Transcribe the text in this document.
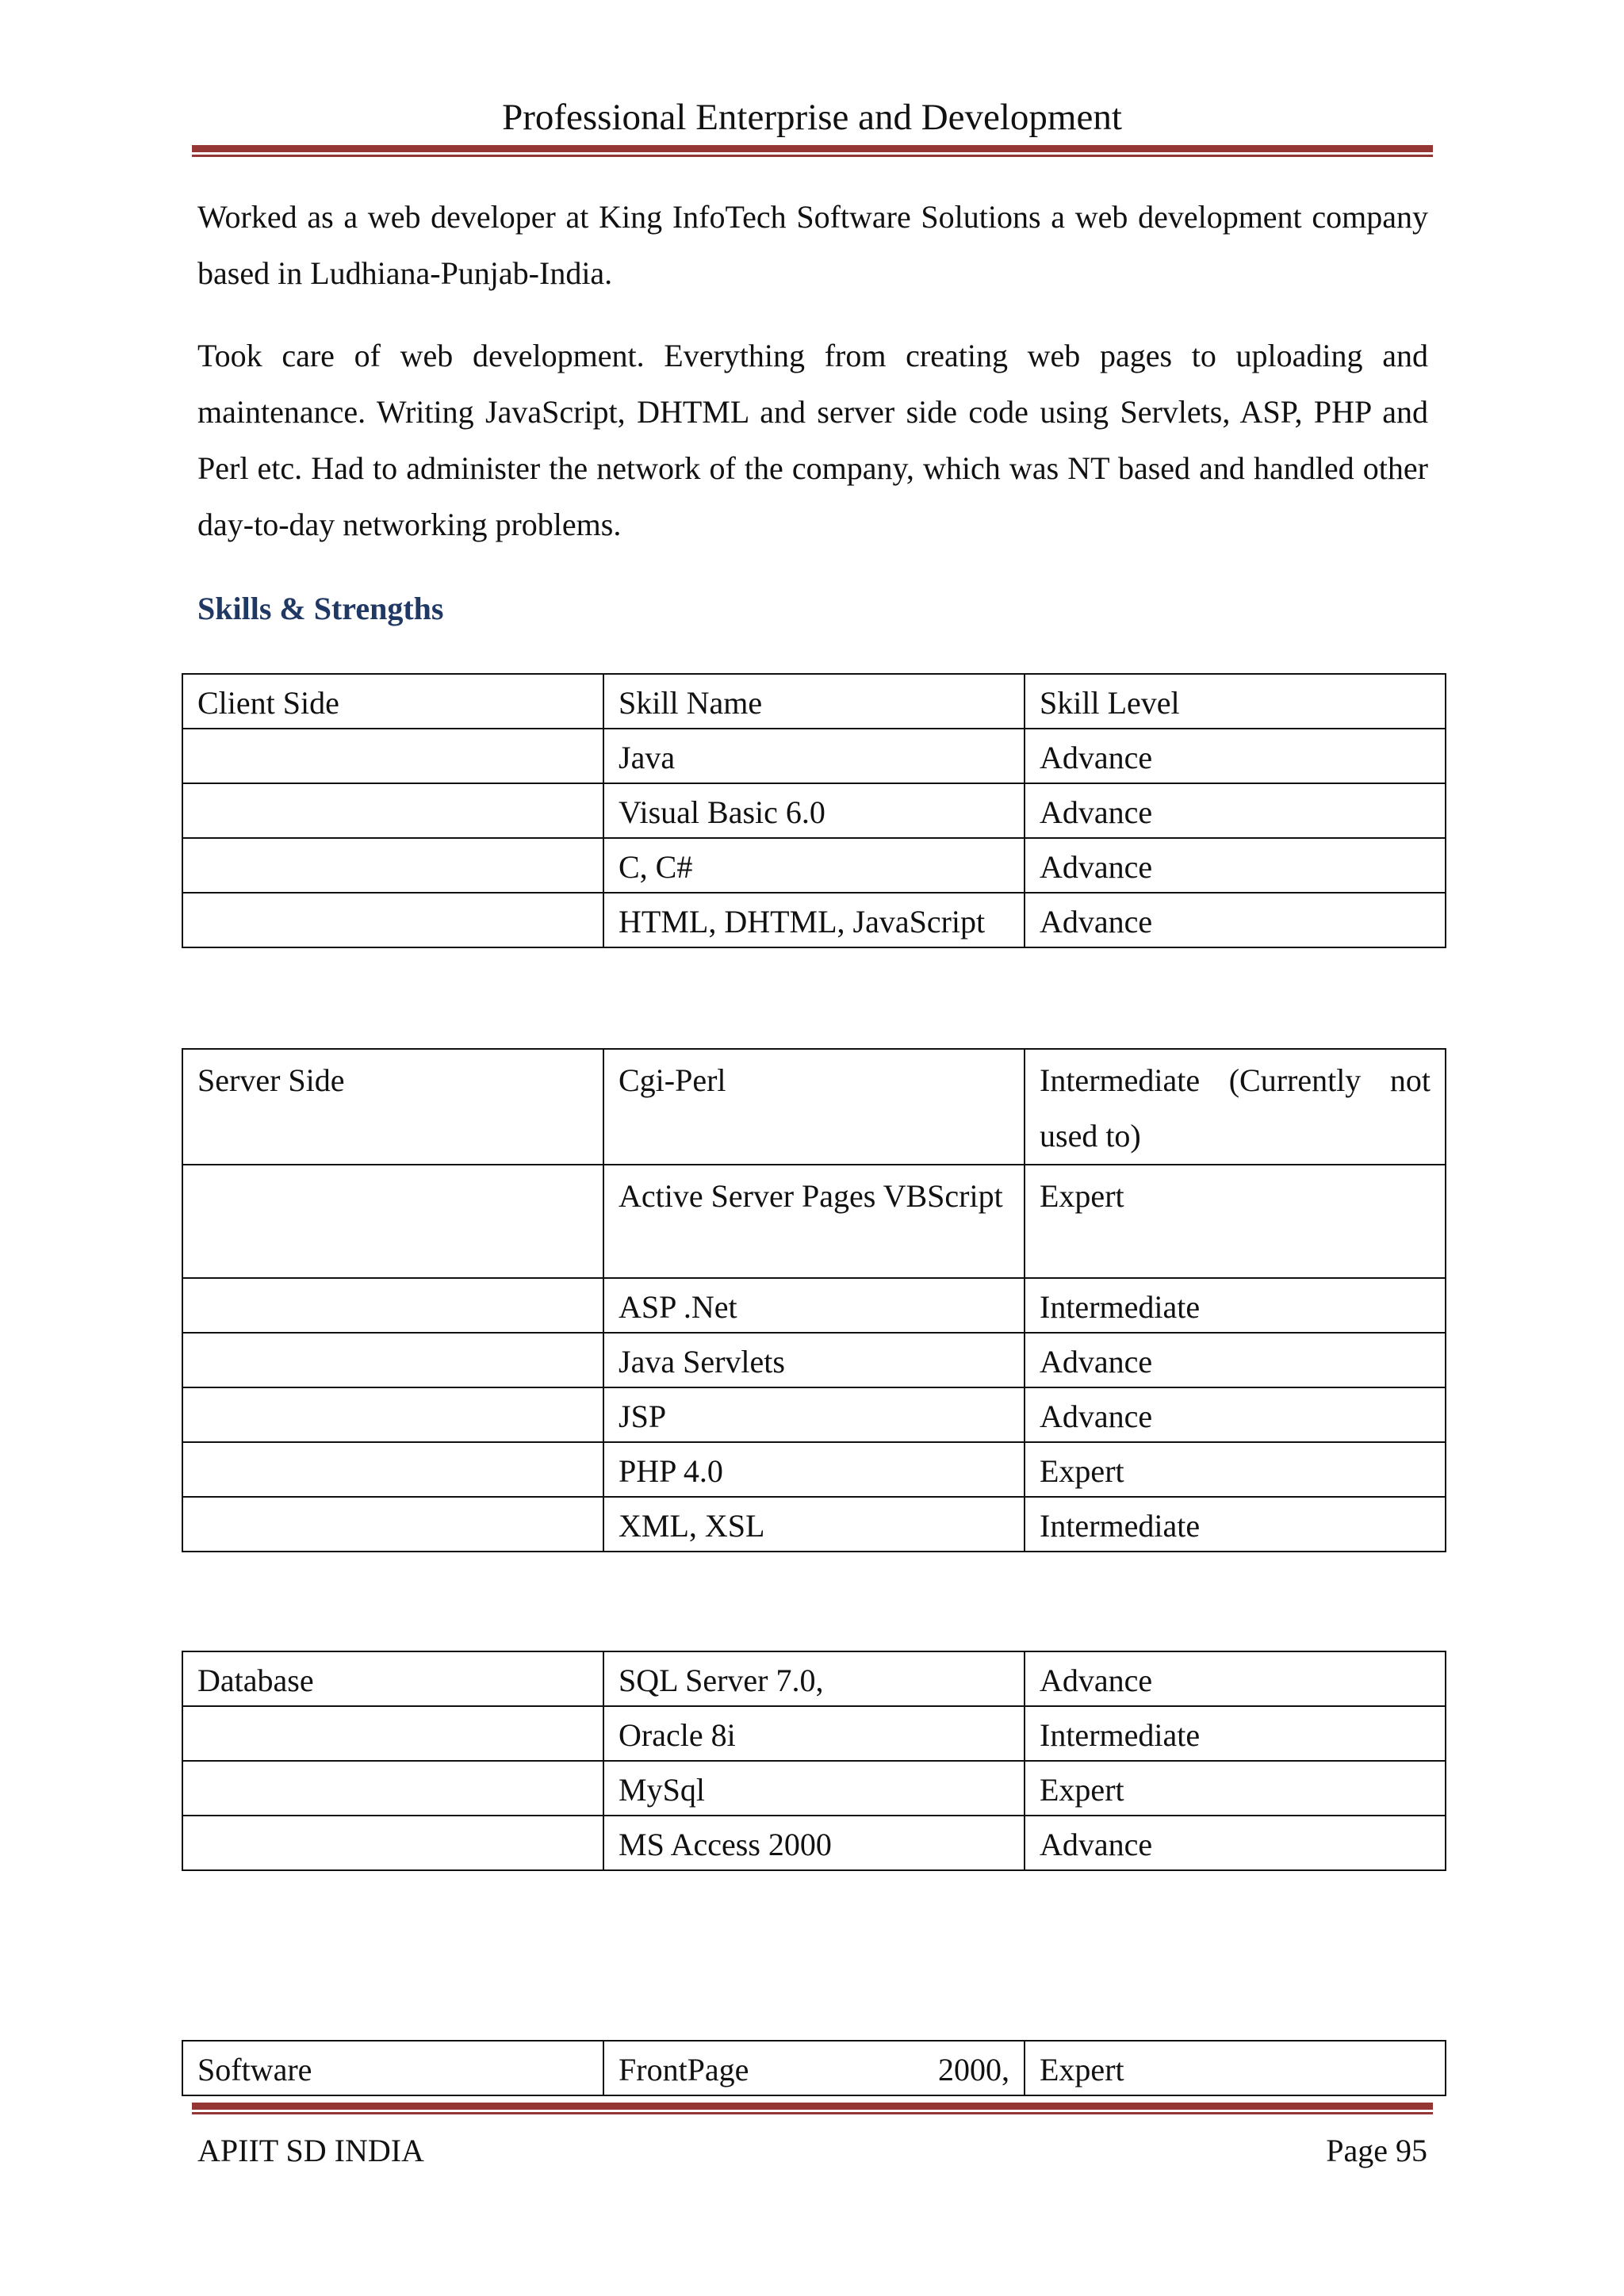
Professional Enterprise and Development

Worked as a web developer at King InfoTech Software Solutions a web development company based in Ludhiana-Punjab-India.

Took care of web development. Everything from creating web pages to uploading and maintenance. Writing JavaScript, DHTML and server side code using Servlets, ASP, PHP and Perl etc. Had to administer the network of the company, which was NT based and handled other day-to-day networking problems.

Skills & Strengths
Client Side	Skill Name	Skill Level
	Java	Advance
	Visual Basic 6.0	Advance
	C, C#	Advance
	HTML, DHTML, JavaScript	Advance
Server Side	Cgi-Perl	Intermediate (Currently not used to)
	Active Server Pages VBScript	Expert
	ASP .Net	Intermediate
	Java Servlets	Advance
	JSP	Advance
	PHP 4.0	Expert
	XML, XSL	Intermediate
Database	SQL Server 7.0,	Advance
	Oracle 8i	Intermediate
	MySql	Expert
	MS Access 2000	Advance
Software	FrontPage 2000,	Expert
APIIT SD INDIA	Page 95
